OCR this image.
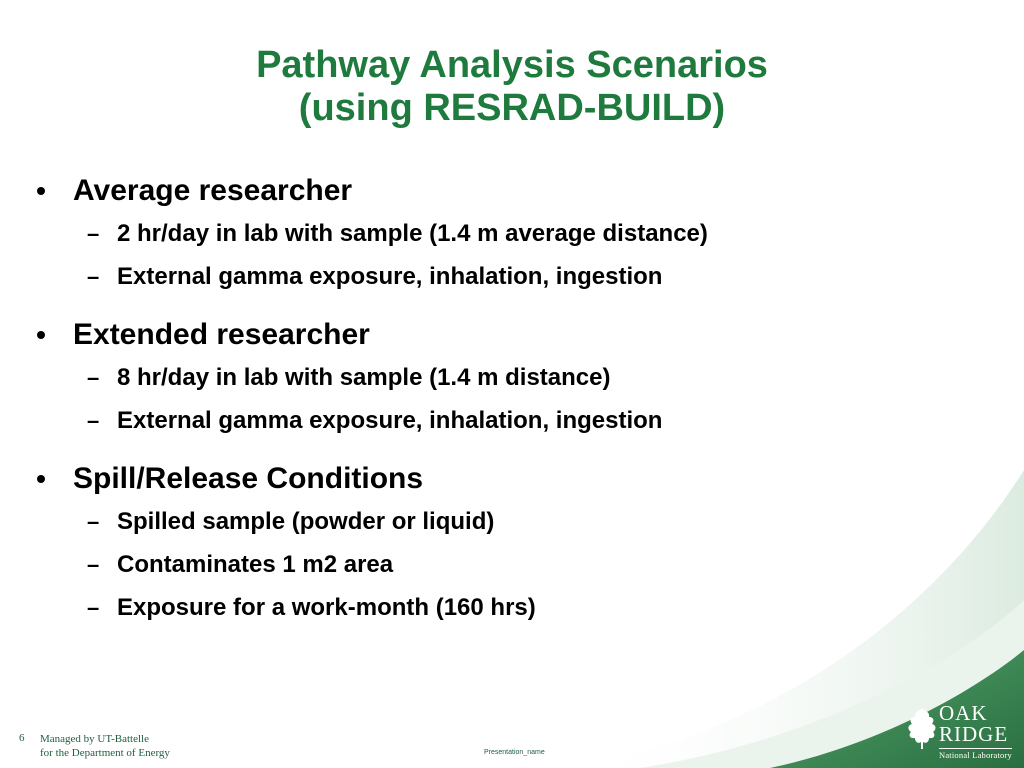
Pathway Analysis Scenarios
(using RESRAD-BUILD)
Average researcher
– 2 hr/day in lab with sample (1.4 m average distance)
– External gamma exposure, inhalation, ingestion
Extended researcher
– 8 hr/day in lab with sample (1.4 m distance)
– External gamma exposure, inhalation, ingestion
Spill/Release Conditions
– Spilled sample (powder or liquid)
– Contaminates 1 m2 area
– Exposure for a work-month (160 hrs)
6 Managed by UT-Battelle
for the Department of Energy	Presentation_name
OAK
RIDGE
National Laboratory
